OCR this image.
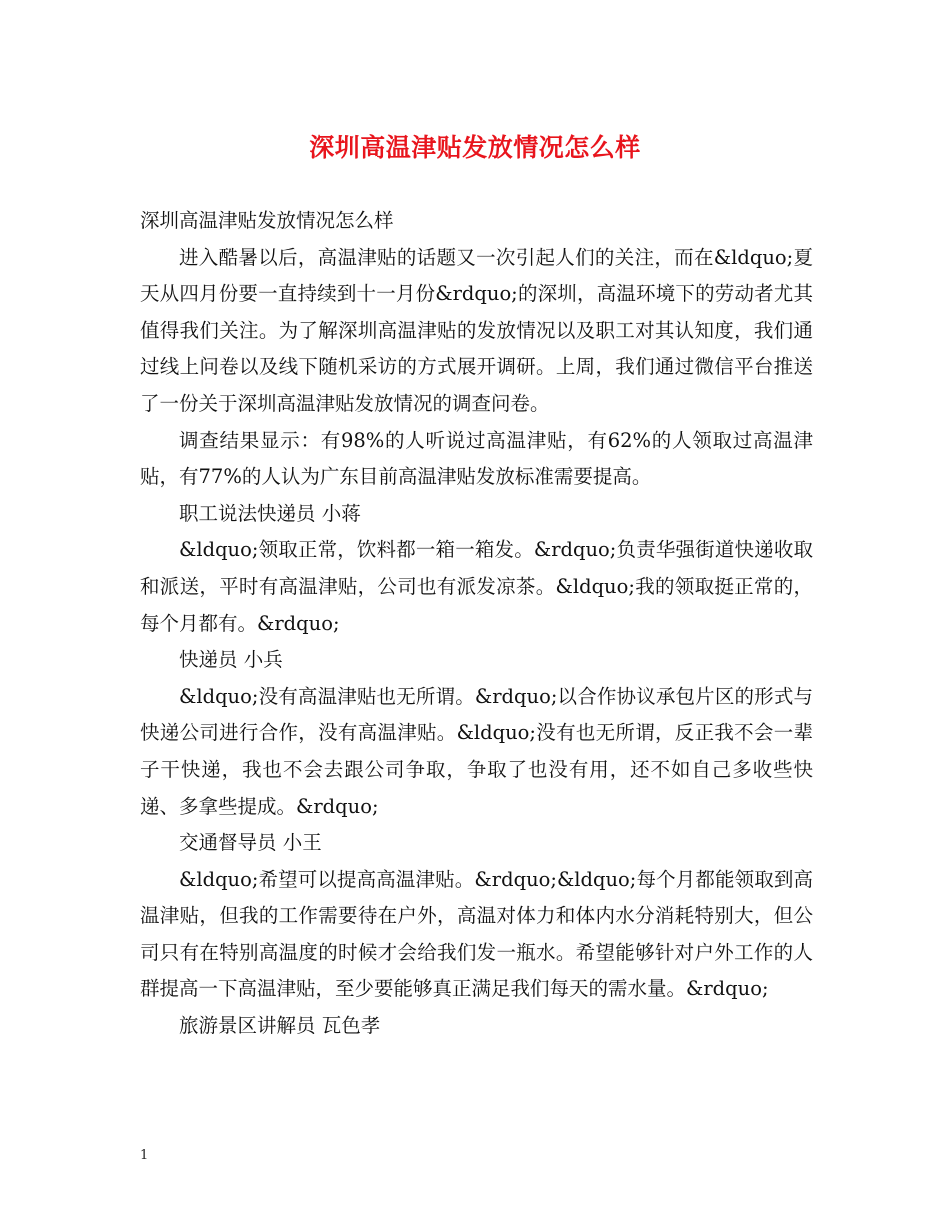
深圳高温津贴发放情况怎么样

深圳高温津贴发放情况怎么样

进入酷暑以后，高温津贴的话题又一次引起人们的关注，而在&ldquo;夏天从四月份要一直持续到十一月份&rdquo;的深圳，高温环境下的劳动者尤其值得我们关注。为了解深圳高温津贴的发放情况以及职工对其认知度，我们通过线上问卷以及线下随机采访的方式展开调研。上周，我们通过微信平台推送了一份关于深圳高温津贴发放情况的调查问卷。

调查结果显示：有98%的人听说过高温津贴，有62%的人领取过高温津贴，有77%的人认为广东目前高温津贴发放标准需要提高。

职工说法快递员 小蒋

&ldquo;领取正常，饮料都一箱一箱发。&rdquo;负责华强街道快递收取和派送，平时有高温津贴，公司也有派发凉茶。&ldquo;我的领取挺正常的，每个月都有。&rdquo;

快递员 小兵

&ldquo;没有高温津贴也无所谓。&rdquo;以合作协议承包片区的形式与快递公司进行合作，没有高温津贴。&ldquo;没有也无所谓，反正我不会一辈子干快递，我也不会去跟公司争取，争取了也没有用，还不如自己多收些快递、多拿些提成。&rdquo;

交通督导员 小王

&ldquo;希望可以提高高温津贴。&rdquo;&ldquo;每个月都能领取到高温津贴，但我的工作需要待在户外，高温对体力和体内水分消耗特别大，但公司只有在特别高温度的时候才会给我们发一瓶水。希望能够针对户外工作的人群提高一下高温津贴，至少要能够真正满足我们每天的需水量。&rdquo;

旅游景区讲解员 瓦色孝

1
